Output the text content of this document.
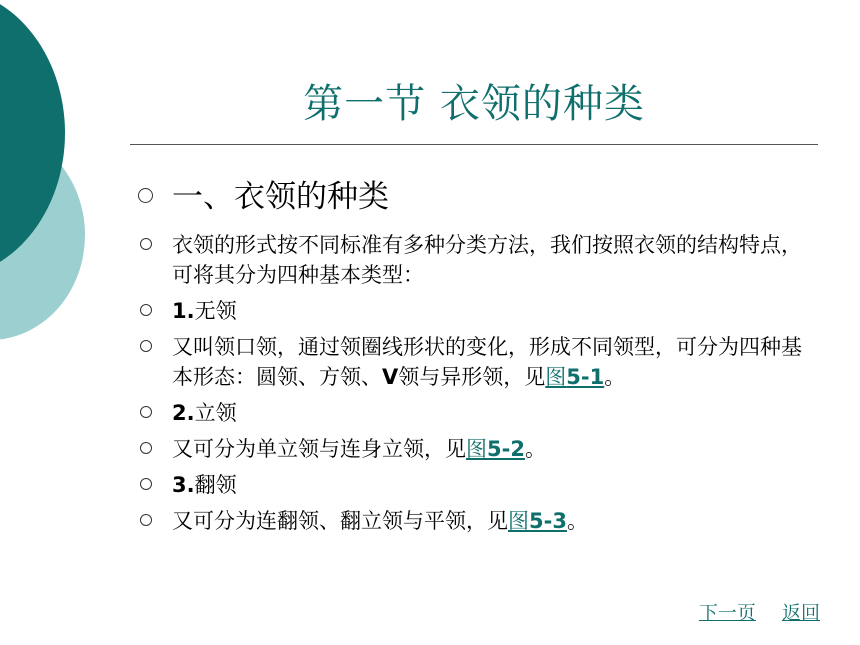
第一节 衣领的种类
一、衣领的种类
衣领的形式按不同标准有多种分类方法，我们按照衣领的结构特点，可将其分为四种基本类型：
1.无领
又叫领口领，通过领圈线形状的变化，形成不同领型，可分为四种基本形态：圆领、方领、V领与异形领，见图5-1。
2.立领
又可分为单立领与连身立领，见图5-2。
3.翻领
又可分为连翻领、翻立领与平领，见图5-3。
下一页 返回
